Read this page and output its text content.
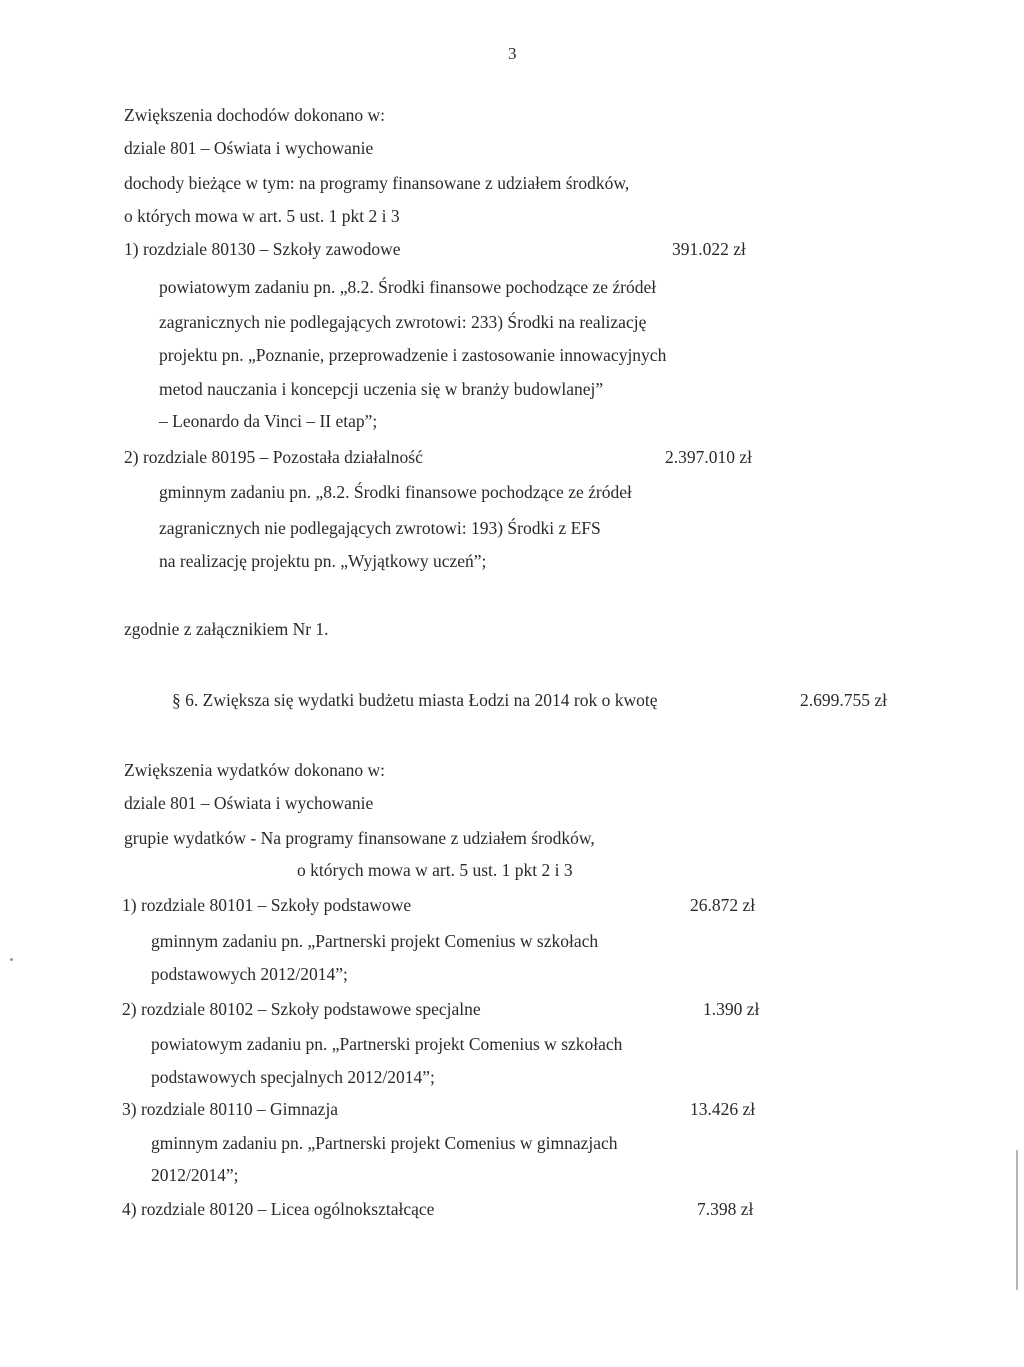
3
Zwiększenia dochodów dokonano w:
dziale 801 – Oświata i wychowanie
dochody bieżące w tym: na programy finansowane z udziałem środków,
o których mowa w art. 5 ust. 1 pkt 2 i 3
1) rozdziale 80130 – Szkoły zawodowe	391.022 zł
powiatowym zadaniu pn. „8.2. Środki finansowe pochodzące ze źródeł
zagranicznych nie podlegających zwrotowi: 233) Środki na realizację
projektu pn. „Poznanie, przeprowadzenie i zastosowanie innowacyjnych
metod nauczania i koncepcji uczenia się w branży budowlanej”
– Leonardo da Vinci – II etap”;
2) rozdziale 80195 – Pozostała działalność	2.397.010 zł
gminnym zadaniu pn. „8.2. Środki finansowe pochodzące ze źródeł
zagranicznych nie podlegających zwrotowi: 193) Środki z EFS
na realizację projektu pn. „Wyjątkowy uczeń”;
zgodnie z załącznikiem Nr 1.
§ 6. Zwiększa się wydatki budżetu miasta Łodzi na 2014 rok o kwotę	2.699.755 zł
Zwiększenia wydatków dokonano w:
dziale 801 – Oświata i wychowanie
grupie wydatków - Na programy finansowane z udziałem środków,
o których mowa w art. 5 ust. 1 pkt 2 i 3
1) rozdziale 80101 – Szkoły podstawowe	26.872 zł
gminnym zadaniu pn. „Partnerski projekt Comenius w szkołach
podstawowych 2012/2014”;
2) rozdziale 80102 – Szkoły podstawowe specjalne	1.390 zł
powiatowym zadaniu pn. „Partnerski projekt Comenius w szkołach
podstawowych specjalnych 2012/2014”;
3) rozdziale 80110 – Gimnazja	13.426 zł
gminnym zadaniu pn. „Partnerski projekt Comenius w gimnazjach
2012/2014”;
4) rozdziale 80120 – Licea ogólnokształcące	7.398 zł
